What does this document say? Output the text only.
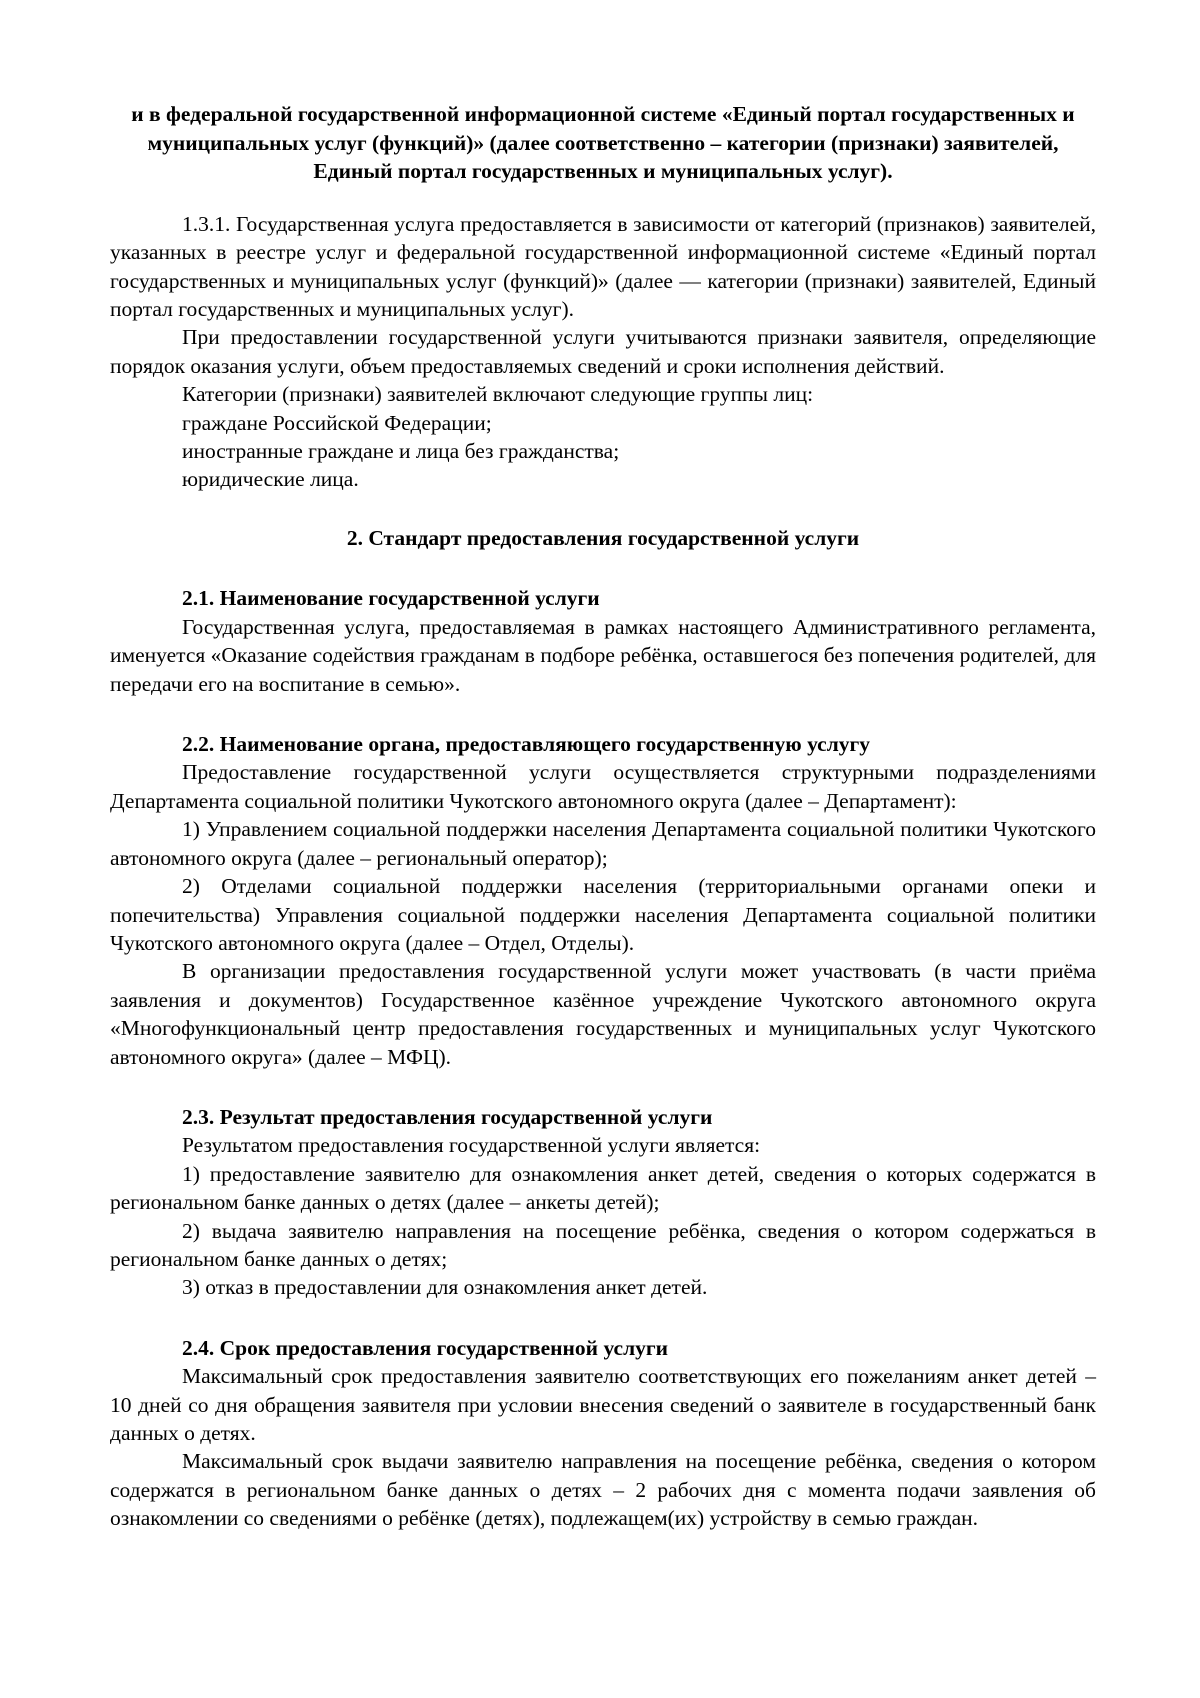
и в федеральной государственной информационной системе «Единый портал государственных и муниципальных услуг (функций)» (далее соответственно – категории (признаки) заявителей, Единый портал государственных и муниципальных услуг).

1.3.1. Государственная услуга предоставляется в зависимости от категорий (признаков) заявителей, указанных в реестре услуг и федеральной государственной информационной системе «Единый портал государственных и муниципальных услуг (функций)» (далее — категории (признаки) заявителей, Единый портал государственных и муниципальных услуг).

При предоставлении государственной услуги учитываются признаки заявителя, определяющие порядок оказания услуги, объем предоставляемых сведений и сроки исполнения действий.

Категории (признаки) заявителей включают следующие группы лиц:

граждане Российской Федерации;

иностранные граждане и лица без гражданства;

юридические лица.

2. Стандарт предоставления государственной услуги

2.1. Наименование государственной услуги

Государственная услуга, предоставляемая в рамках настоящего Административного регламента, именуется «Оказание содействия гражданам в подборе ребёнка, оставшегося без попечения родителей, для передачи его на воспитание в семью».

2.2. Наименование органа, предоставляющего государственную услугу

Предоставление государственной услуги осуществляется структурными подразделениями Департамента социальной политики Чукотского автономного округа (далее – Департамент):

1) Управлением социальной поддержки населения Департамента социальной политики Чукотского автономного округа (далее – региональный оператор);

2) Отделами социальной поддержки населения (территориальными органами опеки и попечительства) Управления социальной поддержки населения Департамента социальной политики Чукотского автономного округа (далее – Отдел, Отделы).

В организации предоставления государственной услуги может участвовать (в части приёма заявления и документов) Государственное казённое учреждение Чукотского автономного округа «Многофункциональный центр предоставления государственных и муниципальных услуг Чукотского автономного округа» (далее – МФЦ).

2.3. Результат предоставления государственной услуги

Результатом предоставления государственной услуги является:

1) предоставление заявителю для ознакомления анкет детей, сведения о которых содержатся в региональном банке данных о детях (далее – анкеты детей);

2) выдача заявителю направления на посещение ребёнка, сведения о котором содержаться в региональном банке данных о детях;

3) отказ в предоставлении для ознакомления анкет детей.

2.4. Срок предоставления государственной услуги

Максимальный срок предоставления заявителю соответствующих его пожеланиям анкет детей – 10 дней со дня обращения заявителя при условии внесения сведений о заявителе в государственный банк данных о детях.

Максимальный срок выдачи заявителю направления на посещение ребёнка, сведения о котором содержатся в региональном банке данных о детях – 2 рабочих дня с момента подачи заявления об ознакомлении со сведениями о ребёнке (детях), подлежащем(их) устройству в семью граждан.
